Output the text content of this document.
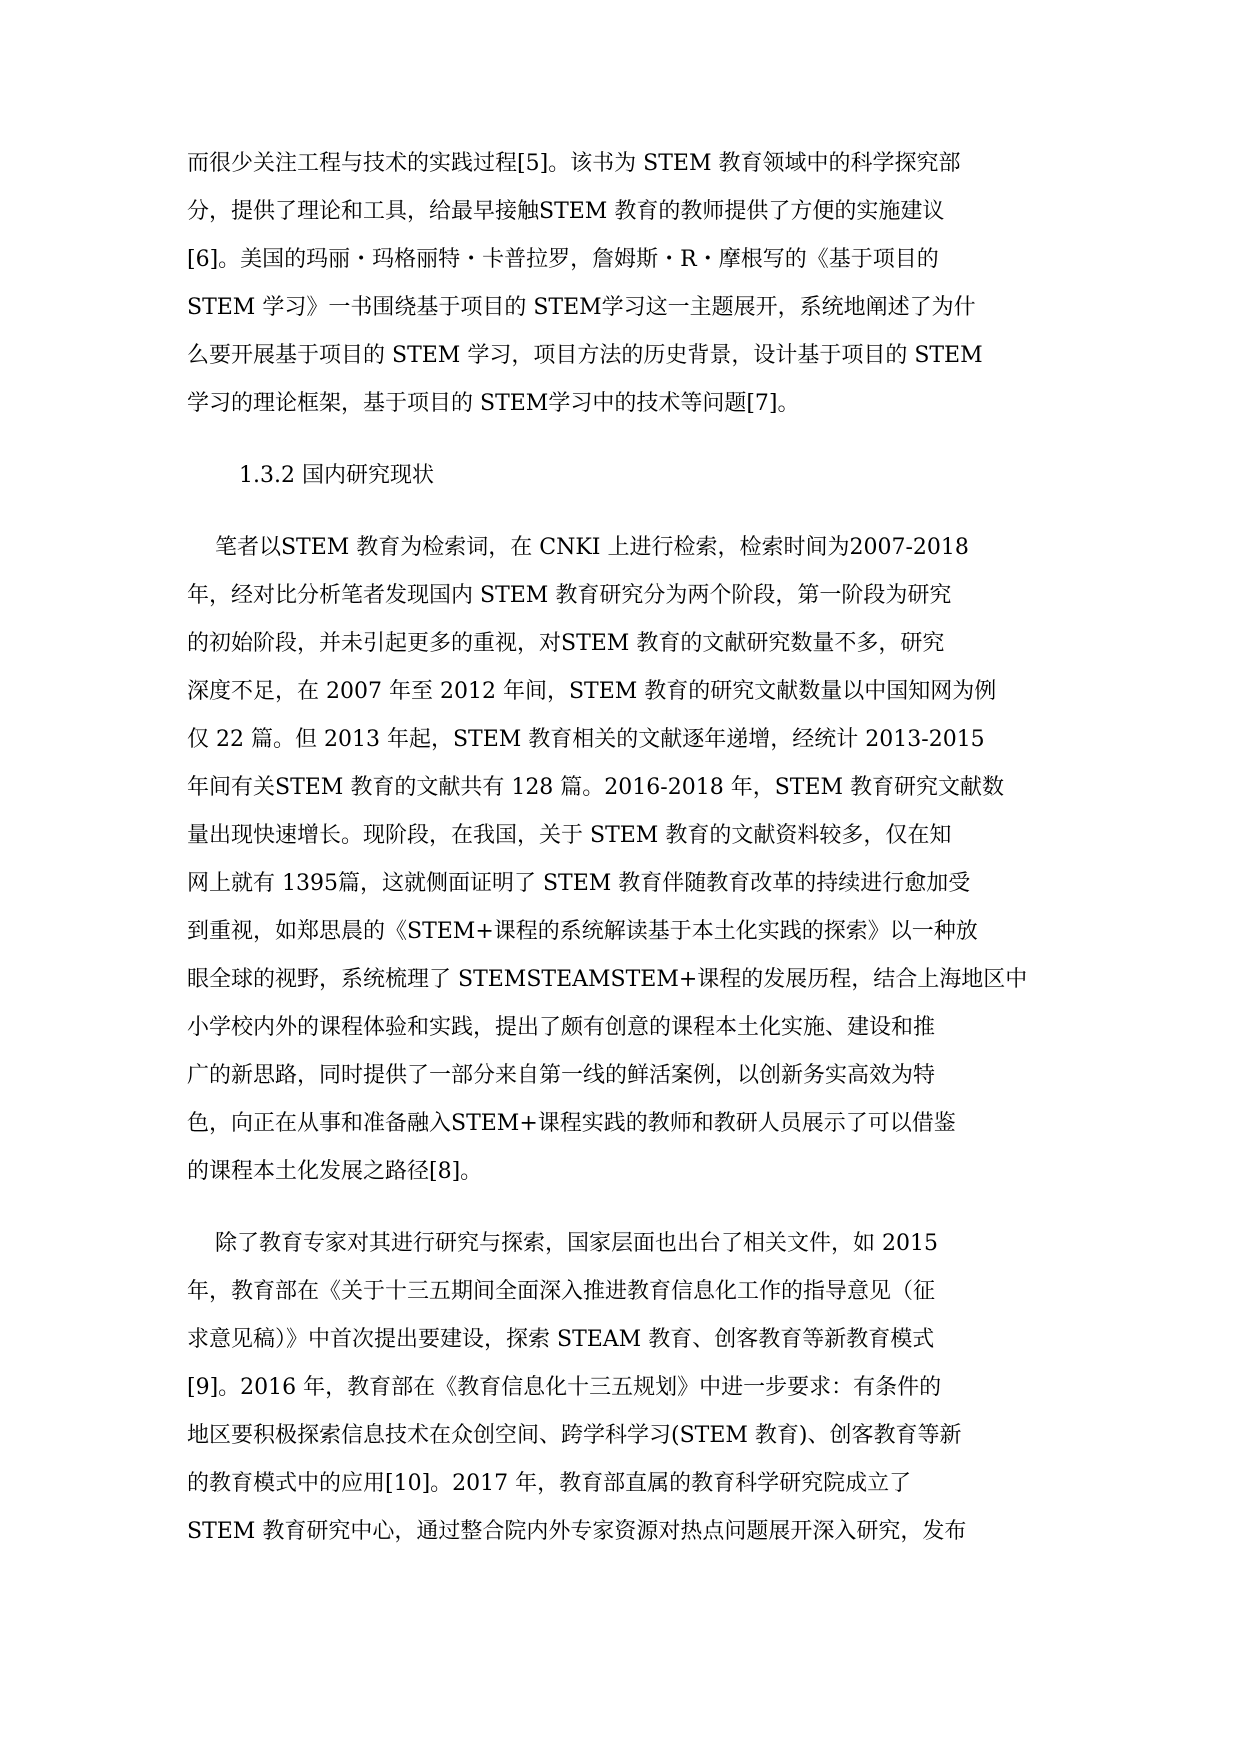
而很少关注工程与技术的实践过程[5]。该书为 STEM 教育领域中的科学探究部
分，提供了理论和工具，给最早接触STEM 教育的教师提供了方便的实施建议
[6]。美国的玛丽・玛格丽特・卡普拉罗，詹姆斯・R・摩根写的《基于项目的
STEM 学习》一书围绕基于项目的 STEM学习这一主题展开，系统地阐述了为什
么要开展基于项目的 STEM 学习，项目方法的历史背景，设计基于项目的 STEM
学习的理论框架，基于项目的 STEM学习中的技术等问题[7]。
1.3.2 国内研究现状
笔者以STEM 教育为检索词，在 CNKI 上进行检索，检索时间为2007-2018
年，经对比分析笔者发现国内 STEM 教育研究分为两个阶段，第一阶段为研究
的初始阶段，并未引起更多的重视，对STEM 教育的文献研究数量不多，研究
深度不足，在 2007 年至 2012 年间，STEM 教育的研究文献数量以中国知网为例
仅 22 篇。但 2013 年起，STEM 教育相关的文献逐年递增，经统计 2013-2015
年间有关STEM 教育的文献共有 128 篇。2016-2018 年，STEM 教育研究文献数
量出现快速增长。现阶段，在我国，关于 STEM 教育的文献资料较多，仅在知
网上就有 1395篇，这就侧面证明了 STEM 教育伴随教育改革的持续进行愈加受
到重视，如郑思晨的《STEM+课程的系统解读基于本土化实践的探索》以一种放
眼全球的视野，系统梳理了 STEMSTEAMSTEM+课程的发展历程，结合上海地区中
小学校内外的课程体验和实践，提出了颇有创意的课程本土化实施、建设和推
广的新思路，同时提供了一部分来自第一线的鲜活案例，以创新务实高效为特
色，向正在从事和准备融入STEM+课程实践的教师和教研人员展示了可以借鉴
的课程本土化发展之路径[8]。
除了教育专家对其进行研究与探索，国家层面也出台了相关文件，如 2015
年，教育部在《关于十三五期间全面深入推进教育信息化工作的指导意见（征
求意见稿）》中首次提出要建设，探索 STEAM 教育、创客教育等新教育模式
[9]。2016 年，教育部在《教育信息化十三五规划》中进一步要求：有条件的
地区要积极探索信息技术在众创空间、跨学科学习(STEM 教育)、创客教育等新
的教育模式中的应用[10]。2017 年，教育部直属的教育科学研究院成立了
STEM 教育研究中心，通过整合院内外专家资源对热点问题展开深入研究，发布
